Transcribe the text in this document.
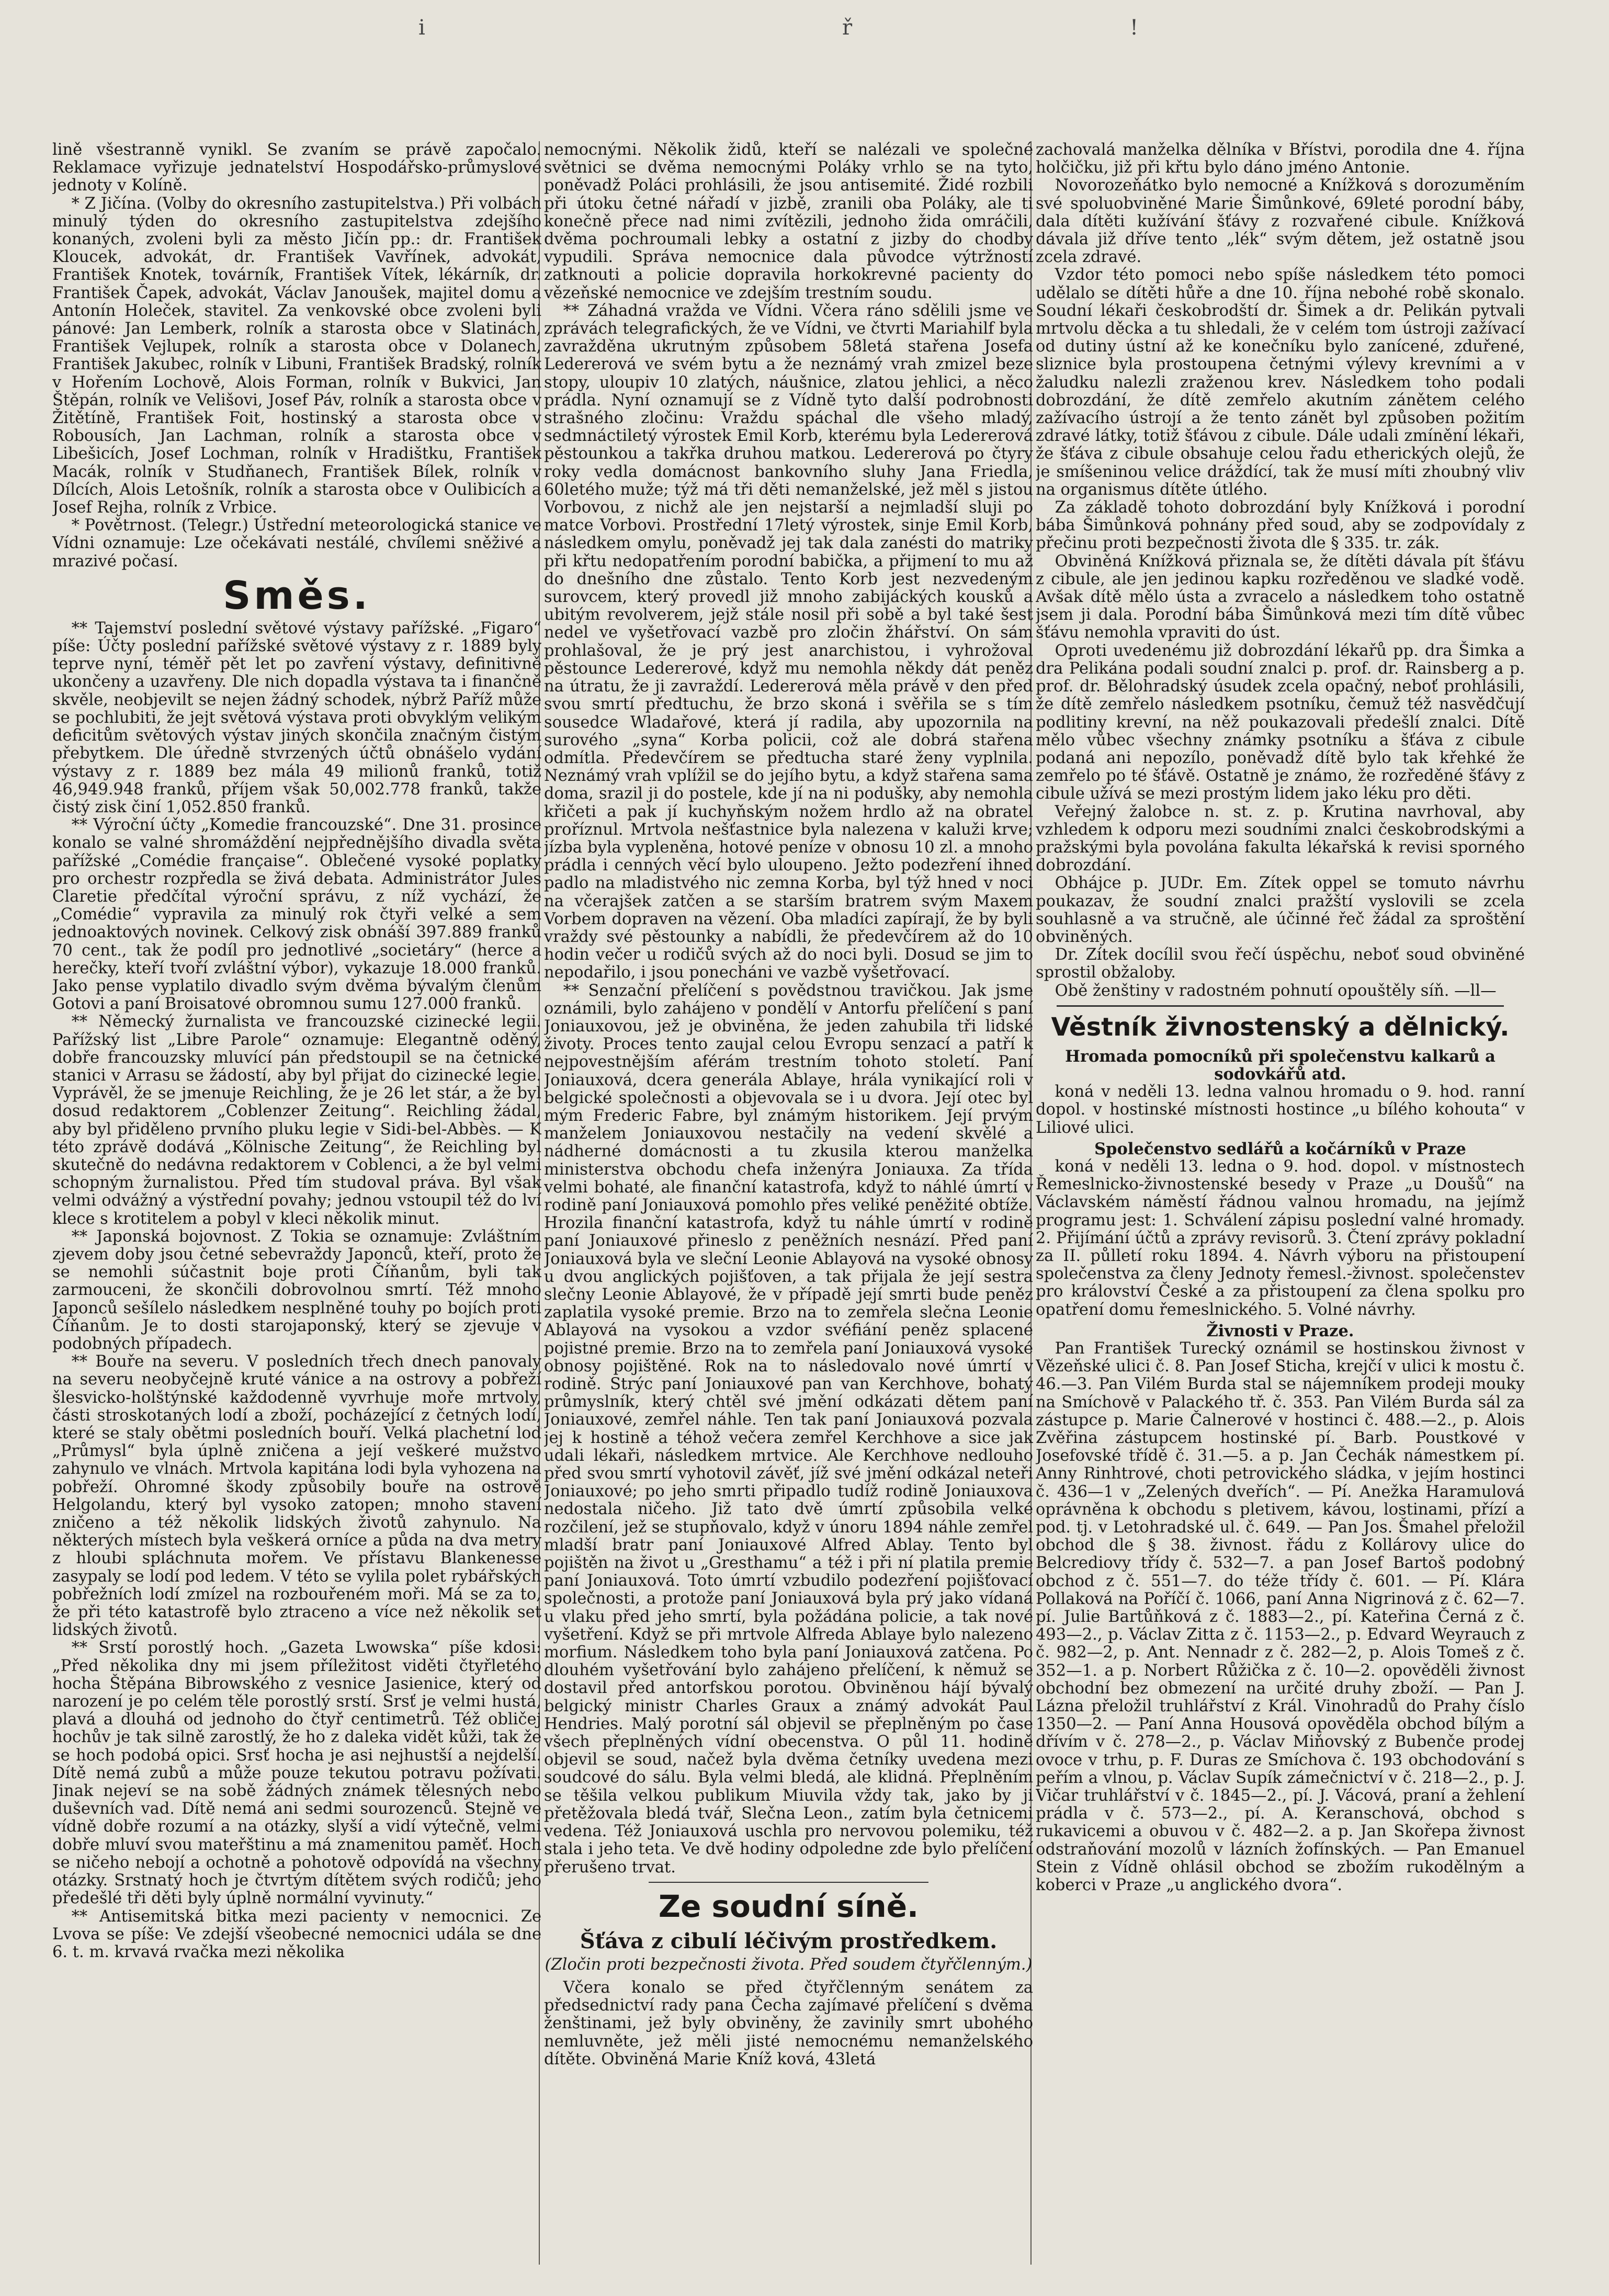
i	ř	!

lině všestranně vynikl. Se zvaním se právě započalo. Reklamace vyřizuje jednatelství Hospodářsko-průmyslové jednoty v Kolíně.

* Z Jičína. (Volby do okresního zastupitelstva.) Při volbách minulý týden do okresního zastupitelstva zdejšího konaných, zvoleni byli za město Jičín pp.: dr. František Kloucek, advokát, dr. František Vavřínek, advokát, František Knotek, továrník, František Vítek, lékárník, dr. František Čapek, advokát, Václav Janoušek, majitel domu a Antonín Holeček, stavitel. Za venkovské obce zvoleni byli pánové: Jan Lemberk, rolník a starosta obce v Slatinách, František Vejlupek, rolník a starosta obce v Dolanech, František Jakubec, rolník v Libuni, František Bradský, rolník v Hořením Lochově, Alois Forman, rolník v Bukvici, Jan Štěpán, rolník ve Velišovi, Josef Páv, rolník a starosta obce v Žitětíně, František Foit, hostinský a starosta obce v Robousích, Jan Lachman, rolník a starosta obce v Libešicích, Josef Lochman, rolník v Hradištku, František Macák, rolník v Studňanech, František Bílek, rolník v Dílcích, Alois Letošník, rolník a starosta obce v Oulibicích a Josef Rejha, rolník z Vrbice.

* Povětrnost. (Telegr.) Ústřední meteorologická stanice ve Vídni oznamuje: Lze očekávati nestálé, chvílemi sněživé a mrazivé počasí.

Směs.

** Tajemství poslední světové výstavy pařížské. „Figaro“ píše: Účty poslední pařížské světové výstavy z r. 1889 byly teprve nyní, téměř pět let po zavření výstavy, definitivně ukončeny a uzavřeny. Dle nich dopadla výstava ta i finančně skvěle, neobjevilt se nejen žádný schodek, nýbrž Paříž může se pochlubiti, že jejt světová výstava proti obvyklým velikým deficitům světových výstav jiných skončila značným čistým přebytkem. Dle úředně stvrzených účtů obnášelo vydání výstavy z r. 1889 bez mála 49 milionů franků, totiž 46,949.948 franků, příjem však 50,002.778 franků, takže čistý zisk činí 1,052.850 franků.

** Výroční účty „Komedie francouzské“. Dne 31. prosince konalo se valné shromáždění nejpřednějšího divadla světa pařížské „Comédie française“. Oblečené vysoké poplatky pro orchestr rozpředla se živá debata. Administrátor Jules Claretie předčítal výroční správu, z níž vychází, že „Comédie“ vypravila za minulý rok čtyři velké a sem jednoaktových novinek. Celkový zisk obnáší 397.889 franků 70 cent., tak že podíl pro jednotlivé „societáry“ (herce a herečky, kteří tvoří zvláštní výbor), vykazuje 18.000 franků. Jako pense vyplatilo divadlo svým dvěma bývalým členům Gotovi a paní Broisatové obromnou sumu 127.000 franků.

** Německý žurnalista ve francouzské cizinecké legii. Pařížský list „Libre Parole“ oznamuje: Elegantně oděný, dobře francouzsky mluvící pán předstoupil se na četnické stanici v Arrasu se žádostí, aby byl přijat do cizinecké legie. Vyprávěl, že se jmenuje Reichling, že je 26 let stár, a že byl dosud redaktorem „Coblenzer Zeitung“. Reichling žádal, aby byl přiděleno prvního pluku legie v Sidi-bel-Abbès. — K této zprávě dodává „Kölnische Zeitung“, že Reichling byl skutečně do nedávna redaktorem v Coblenci, a že byl velmi schopným žurnalistou. Před tím studoval práva. Byl však velmi odvážný a výstřední povahy; jednou vstoupil též do lví klece s krotitelem a pobyl v kleci několik minut.

** Japonská bojovnost. Z Tokia se oznamuje: Zvláštním zjevem doby jsou četné sebevraždy Japonců, kteří, proto že se nemohli súčastnit boje proti Číňanům, byli tak zarmouceni, že skončili dobrovolnou smrtí. Též mnoho Japonců sešílelo následkem nesplněné touhy po bojích proti Číňanům. Je to dosti starojaponský, který se zjevuje v podobných případech.

** Bouře na severu. V posledních třech dnech panovaly na severu neobyčejně kruté vánice a na ostrovy a pobřeží šlesvicko-holštýnské každodenně vyvrhuje moře mrtvoly, části stroskotaných lodí a zboží, pocházející z četných lodí, které se staly obětmi posledních bouří. Velká plachetní loď „Průmysl“ byla úplně zničena a její veškeré mužstvo zahynulo ve vlnách. Mrtvola kapitána lodi byla vyhozena na pobřeží. Ohromné škody způsobily bouře na ostrově Helgolandu, který byl vysoko zatopen; mnoho stavení zničeno a též několik lidských životů zahynulo. Na některých místech byla veškerá orníce a půda na dva metry z hloubi spláchnuta mořem. Ve přístavu Blankenesse zasypaly se lodí pod ledem. V této se vylila polet rybářských pobřežních lodí zmízel na rozbouřeném moři. Má se za to, že při této katastrofě bylo ztraceno a více než několik set lidských životů.

** Srstí porostlý hoch. „Gazeta Lwowska“ píše kdosi: „Před několika dny mi jsem příležitost viděti čtyřletého hocha Štěpána Bibrowského z vesnice Jasienice, který od narození je po celém těle porostlý srstí. Srsť je velmi hustá, plavá a dlouhá od jednoho do čtyř centimetrů. Též obličej hochův je tak silně zarostlý, že ho z daleka vidět kůži, tak že se hoch podobá opici. Srsť hocha je asi nejhustší a nejdelší. Dítě nemá zubů a může pouze tekutou potravu požívati. Jinak nejeví se na sobě žádných známek tělesných nebo duševních vad. Dítě nemá ani sedmi sourozenců. Stejně ve vídně dobře rozumí a na otázky, slyší a vidí výtečně, velmi dobře mluví svou mateřštinu a má znamenitou paměť. Hoch se ničeho nebojí a ochotně a pohotově odpovídá na všechny otázky. Srstnatý hoch je čtvrtým dítětem svých rodičů; jeho předešlé tři děti byly úplně normální vyvinuty.“

** Antisemitská bitka mezi pacienty v nemocnici. Ze Lvova se píše: Ve zdejší všeobecné nemocnici udála se dne 6. t. m. krvavá rvačka mezi několika

nemocnými. Několik židů, kteří se nalézali ve společné světnici se dvěma nemocnými Poláky vrhlo se na tyto, poněvadž Poláci prohlásili, že jsou antisemité. Židé rozbili při útoku četné nářadí v jizbě, zranili oba Poláky, ale ti konečně přece nad nimi zvítězili, jednoho žida omráčili, dvěma pochroumali lebky a ostatní z jizby do chodby vypudili. Správa nemocnice dala původce výtržností zatknouti a policie dopravila horkokrevné pacienty do vězeňské nemocnice ve zdejším trestním soudu.

** Záhadná vražda ve Vídni. Včera ráno sdělili jsme ve zprávách telegrafických, že ve Vídni, ve čtvrti Mariahilf byla zavražděna ukrutným způsobem 58letá stařena Josefa Ledererová ve svém bytu a že neznámý vrah zmizel beze stopy, uloupiv 10 zlatých, náušnice, zlatou jehlici, a něco prádla. Nyní oznamují se z Vídně tyto další podrobnosti strašného zločinu: Vraždu spáchal dle všeho mladý, sedmnáctiletý výrostek Emil Korb, kterému byla Ledererová pěstounkou a takřka druhou matkou. Ledererová po čtyry roky vedla domácnost bankovního sluhy Jana Friedla, 60letého muže; týž má tři děti nemanželské, jež měl s jistou Vorbovou, z nichž ale jen nejstarší a nejmladší sluji po matce Vorbovi. Prostřední 17letý výrostek, sinje Emil Korb, následkem omylu, poněvadž jej tak dala zanésti do matriky při křtu nedopatřením porodní babička, a přijmení to mu až do dnešního dne zůstalo. Tento Korb jest nezvedeným surovcem, který provedl již mnoho zabijáckých kousků a ubitým revolverem, jejž stále nosil při sobě a byl také šest nedel ve vyšetřovací vazbě pro zločin žhářství. On sám prohlašoval, že je prý jest anarchistou, i vyhrožoval pěstounce Ledererové, když mu nemohla někdy dát peněz na útratu, že ji zavraždí. Ledererová měla právě v den před svou smrtí předtuchu, že brzo skoná i svěřila se s tím sousedce Wladařové, která jí radila, aby upozornila na surového „syna“ Korba policii, což ale dobrá stařena odmítla. Předevčírem se předtucha staré ženy vyplnila. Neznámý vrah vplížil se do jejího bytu, a když stařena sama doma, srazil ji do postele, kde jí na ni podušky, aby nemohla křičeti a pak jí kuchyňským nožem hrdlo až na obratel proříznul. Mrtvola nešťastnice byla nalezena v kaluži krve; jízba byla vypleněna, hotové peníze v obnosu 10 zl. a mnoho prádla i cenných věcí bylo uloupeno. Ježto podezření ihned padlo na mladistvého nic zemna Korba, byl týž hned v noci na včerajšek zatčen a se starším bratrem svým Maxem Vorbem dopraven na vězení. Oba mladíci zapírají, že by byli vraždy své pěstounky a nabídli, že předevčírem až do 10 hodin večer u rodičů svých až do noci byli. Dosud se jim to nepodařilo, i jsou ponecháni ve vazbě vyšetřovací.

** Senzační přelíčení s povědstnou travičkou. Jak jsme oznámili, bylo zahájeno v pondělí v Antorfu přelíčení s paní Joniauxovou, jež je obviněna, že jeden zahubila tři lidské životy. Proces tento zaujal celou Evropu senzací a patří k nejpovestnějším aférám trestním tohoto století. Paní Joniauxová, dcera generála Ablaye, hrála vynikající roli v belgické společnosti a objevovala se i u dvora. Její otec byl mým Frederic Fabre, byl známým historikem. Její prvým manželem Joniauxovou nestačily na vedení skvělé a nádherné domácnosti a tu zkusila kterou manželka ministerstva obchodu chefa inženýra Joniauxa. Za třída velmi bohaté, ale finanční katastrofa, když to náhlé úmrtí v rodině paní Joniauxová pomohlo přes veliké peněžité obtíže. Hrozila finanční katastrofa, když tu náhle úmrtí v rodině paní Joniauxové přineslo z peněžních nesnází. Před paní Joniauxová byla ve sleční Leonie Ablayová na vysoké obnosy u dvou anglických pojišťoven, a tak přijala že její sestra slečny Leonie Ablayové, že v případě její smrti bude peněz zaplatila vysoké premie. Brzo na to zemřela slečna Leonie Ablayová na vysokou a vzdor svéfiání peněz splacené pojistné premie. Brzo na to zemřela paní Joniauxová vysoké obnosy pojištěné. Rok na to následovalo nové úmrtí v rodině. Strýc paní Joniauxové pan van Kerchhove, bohatý průmyslník, který chtěl své jmění odkázati dětem paní Joniauxové, zemřel náhle. Ten tak paní Joniauxová pozvala jej k hostině a téhož večera zemřel Kerchhove a sice jak udali lékaři, následkem mrtvice. Ale Kerchhove nedlouho před svou smrtí vyhotovil závěť, jíž své jmění odkázal neteři Joniauxové; po jeho smrti připadlo tudíž rodině Joniauxova nedostala ničeho. Již tato dvě úmrtí způsobila velké rozčilení, jež se stupňovalo, když v únoru 1894 náhle zemřel mladší bratr paní Joniauxové Alfred Ablay. Tento byl pojištěn na život u „Gresthamu“ a též i při ní platila premie paní Joniauxová. Toto úmrtí vzbudilo podezření pojišťovací společnosti, a protože paní Joniauxová byla prý jako vídaná u vlaku před jeho smrtí, byla požádána policie, a tak nové vyšetření. Když se při mrtvole Alfreda Ablaye bylo nalezeno morfium. Následkem toho byla paní Joniauxová zatčena. Po dlouhém vyšetřování bylo zahájeno přelíčení, k němuž se dostavil před antorfskou porotou. Obviněnou hájí bývalý belgický ministr Charles Graux a známý advokát Paul Hendries. Malý porotní sál objevil se přeplněným po čase všech přeplněných vídní obecenstva. O půl 11. hodině objevil se soud, načež byla dvěma četníky uvedena mezi soudcové do sálu. Byla velmi bledá, ale klidná. Přeplněním se těšila velkou publikum Miuvila vždy tak, jako by ji přetěžovala bledá tvář, Slečna Leon., zatím byla četnicemi vedena. Též Joniauxová uschla pro nervovou polemiku, též stala i jeho teta. Ve dvě hodiny odpoledne zde bylo přelíčení přerušeno trvat.

Ze soudní síně.
Šťáva z cibulí léčivým prostředkem.
(Zločin proti bezpečnosti života. Před soudem čtyřčlenným.)

Včera konalo se před čtyřčlenným senátem za předsednictví rady pana Čecha zajímavé přelíčení s dvěma ženštinami, jež byly obviněny, že zavinily smrt ubohého nemluvněte, jež měli jisté nemocnému nemanželského dítěte. Obviněná Marie Kníž ková, 43letá

zachovalá manželka dělníka v Břístvi, porodila dne 4. října holčičku, již při křtu bylo dáno jméno Antonie.

Novorozeňátko bylo nemocné a Knížková s dorozuměním své spoluobviněné Marie Šimůnkové, 69leté porodní báby, dala dítěti kužívání šťávy z rozvařené cibule. Knížková dávala již dříve tento „lék“ svým dětem, jež ostatně jsou zcela zdravé.

Vzdor této pomoci nebo spíše následkem této pomoci udělalo se dítěti hůře a dne 10. října nebohé robě skonalo. Soudní lékaři českobrodští dr. Šimek a dr. Pelikán pytvali mrtvolu děcka a tu shledali, že v celém tom ústroji zažívací od dutiny ústní až ke konečníku bylo zanícené, zduřené, sliznice byla prostoupena četnými výlevy krevními a v žaludku nalezli zraženou krev. Následkem toho podali dobrozdání, že dítě zemřelo akutním zánětem celého zažívacího ústrojí a že tento zánět byl způsoben požitím zdravé látky, totiž šťávou z cibule. Dále udali zmínění lékaři, že šťáva z cibule obsahuje celou řadu etherických olejů, že je smíšeninou velice dráždící, tak že musí míti zhoubný vliv na organismus dítěte útlého.

Za základě tohoto dobrozdání byly Knížková i porodní bába Šimůnková pohnány před soud, aby se zodpovídaly z přečinu proti bezpečnosti života dle § 335. tr. zák.

Obviněná Knížková přiznala se, že dítěti dávala pít šťávu z cibule, ale jen jedinou kapku rozředěnou ve sladké vodě. Avšak dítě mělo ústa a zvracelo a následkem toho ostatně jsem ji dala. Porodní bába Šimůnková mezi tím dítě vůbec šťávu nemohla vpraviti do úst.

Oproti uvedenému již dobrozdání lékařů pp. dra Šimka a dra Pelikána podali soudní znalci p. prof. dr. Rainsberg a p. prof. dr. Bělohradský úsudek zcela opačný, neboť prohlásili, že dítě zemřelo následkem psotníku, čemuž též nasvědčují podlitiny krevní, na něž poukazovali předešlí znalci. Dítě mělo vůbec všechny známky psotníku a šťáva z cibule podaná ani nepozílo, poněvadž dítě bylo tak křehké že zemřelo po té šťávě. Ostatně je známo, že rozředěné šťávy z cibule užívá se mezi prostým lidem jako léku pro děti.

Veřejný žalobce n. st. z. p. Krutina navrhoval, aby vzhledem k odporu mezi soudními znalci českobrodskými a pražskými byla povolána fakulta lékařská k revisi sporného dobrozdání.

Obhájce p. JUDr. Em. Zítek oppel se tomuto návrhu poukazav, že soudní znalci pražští vyslovili se zcela souhlasně a va stručně, ale účinné řeč žádal za sproštění obviněných.

Dr. Zítek docílil svou řečí úspěchu, neboť soud obviněné sprostil obžaloby.

Obě ženštiny v radostném pohnutí opouštěly síň. —ll—

Věstník živnostenský a dělnický.
Hromada pomocníků při společenstvu kalkarů a sodovkářů atd.

koná v neděli 13. ledna valnou hromadu o 9. hod. ranní dopol. v hostinské místnosti hostince „u bílého kohouta“ v Liliové ulici.

Společenstvo sedlářů a kočárníků v Praze

koná v neděli 13. ledna o 9. hod. dopol. v místnostech Řemeslnicko-živnostenské besedy v Praze „u Doušů“ na Václavském náměstí řádnou valnou hromadu, na jejímž programu jest: 1. Schválení zápisu poslední valné hromady. 2. Přijímání účtů a zprávy revisorů. 3. Čtení zprávy pokladní za II. půlletí roku 1894. 4. Návrh výboru na přistoupení společenstva za členy Jednoty řemesl.-živnost. společenstev pro království České a za přistoupení za člena spolku pro opatření domu řemeslnického. 5. Volné návrhy.

Živnosti v Praze.

Pan František Turecký oznámil se hostinskou živnost v Vězeňské ulici č. 8. Pan Josef Sticha, krejčí v ulici k mostu č. 46.—3. Pan Vilém Burda stal se nájemníkem prodeji mouky na Smíchově v Palackého tř. č. 353. Pan Vilém Burda sál za zástupce p. Marie Čalnerové v hostinci č. 488.—2., p. Alois Zvěřina zástupcem hostinské pí. Barb. Poustkové v Josefovské třídě č. 31.—5. a p. Jan Čechák námestkem pí. Anny Rinhtrové, choti petrovického sládka, v jejím hostinci č. 436—1 v „Zelených dveřích“. — Pí. Anežka Haramulová oprávněna k obchodu s pletivem, kávou, lostinami, přízí a pod. tj. v Letohradské ul. č. 649. — Pan Jos. Šmahel přeložil obchod dle § 38. živnost. řádu z Kollárovy ulice do Belcrediovy třídy č. 532—7. a pan Josef Bartoš podobný obchod z č. 551—7. do téže třídy č. 601. — Pí. Klára Pollaková na Poříčí č. 1066, paní Anna Nigrinová z č. 62—7. pí. Julie Bartůňková z č. 1883—2., pí. Kateřina Černá z č. 493—2., p. Václav Zitta z č. 1153—2., p. Edvard Weyrauch z č. 982—2, p. Ant. Nennadr z č. 282—2, p. Alois Tomeš z č. 352—1. a p. Norbert Růžička z č. 10—2. opověděli živnost obchodní bez obmezení na určité druhy zboží. — Pan J. Lázna přeložil truhlářství z Král. Vinohradů do Prahy číslo 1350—2. — Paní Anna Housová opověděla obchod bílým a dřívím v č. 278—2., p. Václav Miňovský z Bubenče prodej ovoce v trhu, p. F. Duras ze Smíchova č. 193 obchodování s peřím a vlnou, p. Václav Supík zámečnictví v č. 218—2., p. J. Vičar truhlářství v č. 1845—2., pí. J. Vácová, praní a žehlení prádla v č. 573—2., pí. A. Keranschová, obchod s rukavicemi a obuvou v č. 482—2. a p. Jan Skořepa živnost odstraňování mozolů v lázních žofínských. — Pan Emanuel Stein z Vídně ohlásil obchod se zbožím rukodělným a koberci v Praze „u anglického dvora“.
